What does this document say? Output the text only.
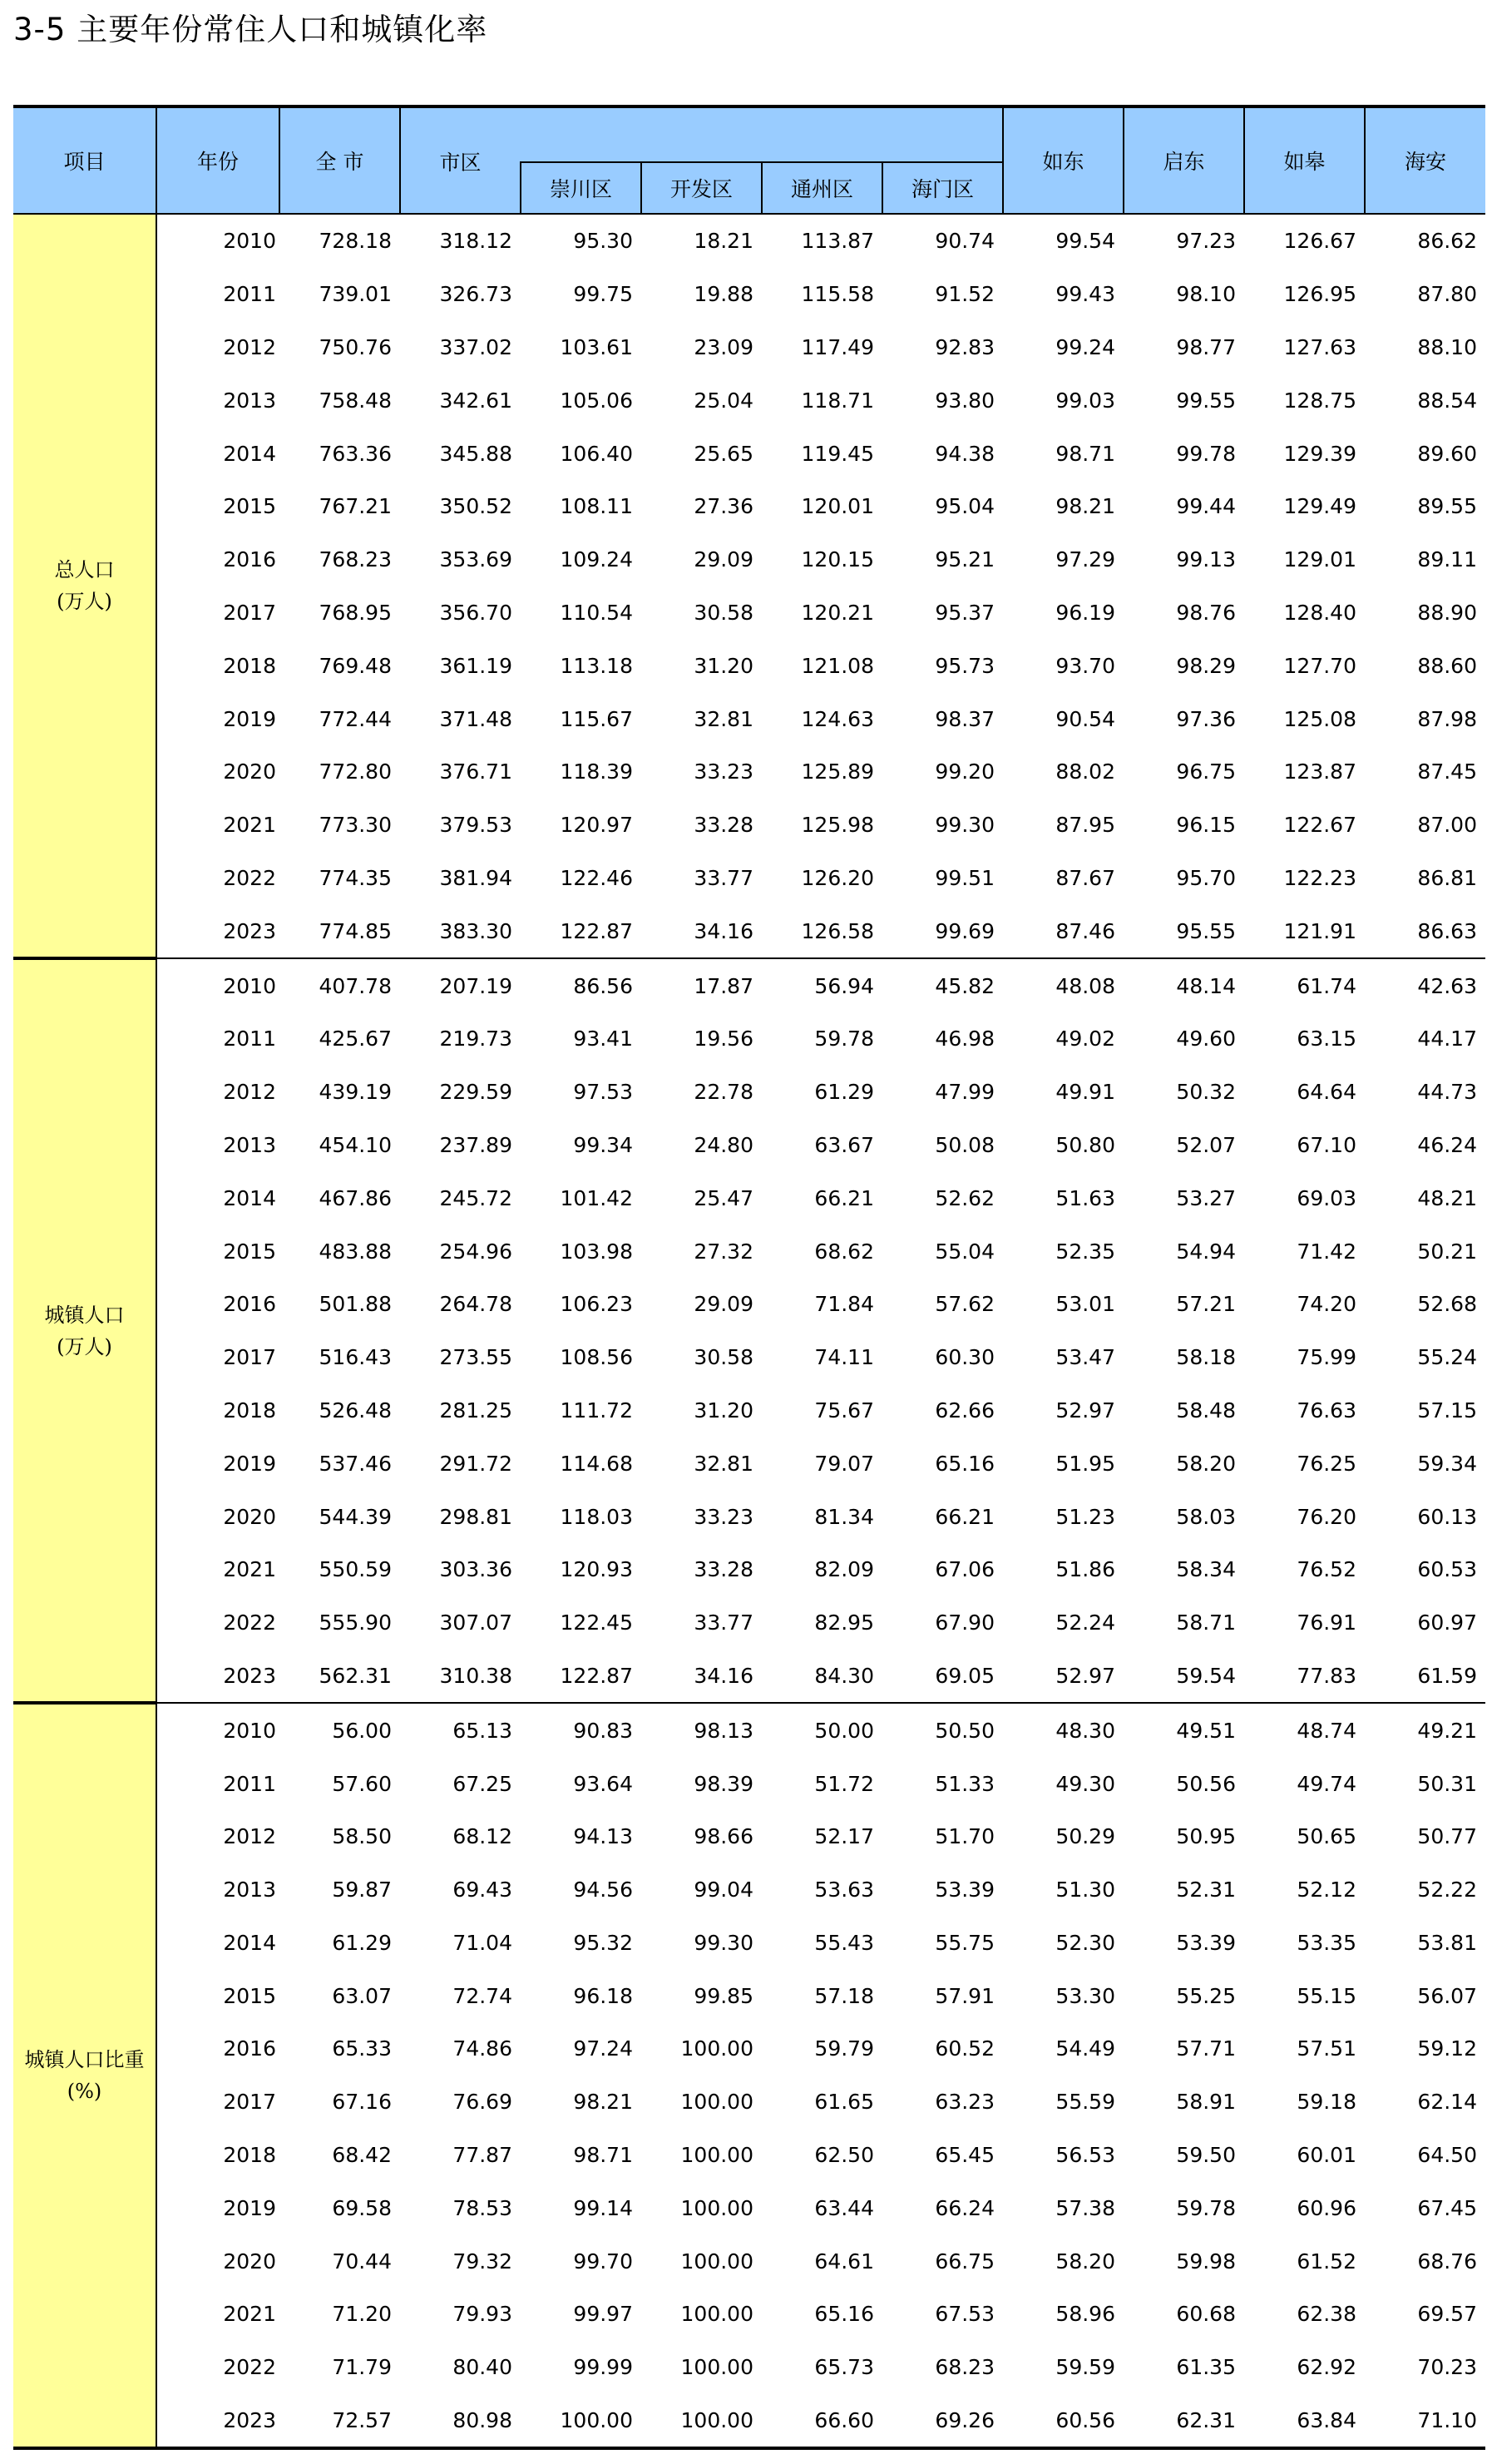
3-5 主要年份常住人口和城镇化率
项目	年份	全 市	市区					如东	启东	如皋	海安
				崇川区	开发区	通州区	海门区				

总人口
(万人)	2010	728.18	318.12	95.30	18.21	113.87	90.74	99.54	97.23	126.67	86.62
	2011	739.01	326.73	99.75	19.88	115.58	91.52	99.43	98.10	126.95	87.80
	2012	750.76	337.02	103.61	23.09	117.49	92.83	99.24	98.77	127.63	88.10
	2013	758.48	342.61	105.06	25.04	118.71	93.80	99.03	99.55	128.75	88.54
	2014	763.36	345.88	106.40	25.65	119.45	94.38	98.71	99.78	129.39	89.60
	2015	767.21	350.52	108.11	27.36	120.01	95.04	98.21	99.44	129.49	89.55
	2016	768.23	353.69	109.24	29.09	120.15	95.21	97.29	99.13	129.01	89.11
	2017	768.95	356.70	110.54	30.58	120.21	95.37	96.19	98.76	128.40	88.90
	2018	769.48	361.19	113.18	31.20	121.08	95.73	93.70	98.29	127.70	88.60
	2019	772.44	371.48	115.67	32.81	124.63	98.37	90.54	97.36	125.08	87.98
	2020	772.80	376.71	118.39	33.23	125.89	99.20	88.02	96.75	123.87	87.45
	2021	773.30	379.53	120.97	33.28	125.98	99.30	87.95	96.15	122.67	87.00
	2022	774.35	381.94	122.46	33.77	126.20	99.51	87.67	95.70	122.23	86.81
	2023	774.85	383.30	122.87	34.16	126.58	99.69	87.46	95.55	121.91	86.63

城镇人口
(万人)	2010	407.78	207.19	86.56	17.87	56.94	45.82	48.08	48.14	61.74	42.63
	2011	425.67	219.73	93.41	19.56	59.78	46.98	49.02	49.60	63.15	44.17
	2012	439.19	229.59	97.53	22.78	61.29	47.99	49.91	50.32	64.64	44.73
	2013	454.10	237.89	99.34	24.80	63.67	50.08	50.80	52.07	67.10	46.24
	2014	467.86	245.72	101.42	25.47	66.21	52.62	51.63	53.27	69.03	48.21
	2015	483.88	254.96	103.98	27.32	68.62	55.04	52.35	54.94	71.42	50.21
	2016	501.88	264.78	106.23	29.09	71.84	57.62	53.01	57.21	74.20	52.68
	2017	516.43	273.55	108.56	30.58	74.11	60.30	53.47	58.18	75.99	55.24
	2018	526.48	281.25	111.72	31.20	75.67	62.66	52.97	58.48	76.63	57.15
	2019	537.46	291.72	114.68	32.81	79.07	65.16	51.95	58.20	76.25	59.34
	2020	544.39	298.81	118.03	33.23	81.34	66.21	51.23	58.03	76.20	60.13
	2021	550.59	303.36	120.93	33.28	82.09	67.06	51.86	58.34	76.52	60.53
	2022	555.90	307.07	122.45	33.77	82.95	67.90	52.24	58.71	76.91	60.97
	2023	562.31	310.38	122.87	34.16	84.30	69.05	52.97	59.54	77.83	61.59

城镇人口比重
(%)	2010	56.00	65.13	90.83	98.13	50.00	50.50	48.30	49.51	48.74	49.21
	2011	57.60	67.25	93.64	98.39	51.72	51.33	49.30	50.56	49.74	50.31
	2012	58.50	68.12	94.13	98.66	52.17	51.70	50.29	50.95	50.65	50.77
	2013	59.87	69.43	94.56	99.04	53.63	53.39	51.30	52.31	52.12	52.22
	2014	61.29	71.04	95.32	99.30	55.43	55.75	52.30	53.39	53.35	53.81
	2015	63.07	72.74	96.18	99.85	57.18	57.91	53.30	55.25	55.15	56.07
	2016	65.33	74.86	97.24	100.00	59.79	60.52	54.49	57.71	57.51	59.12
	2017	67.16	76.69	98.21	100.00	61.65	63.23	55.59	58.91	59.18	62.14
	2018	68.42	77.87	98.71	100.00	62.50	65.45	56.53	59.50	60.01	64.50
	2019	69.58	78.53	99.14	100.00	63.44	66.24	57.38	59.78	60.96	67.45
	2020	70.44	79.32	99.70	100.00	64.61	66.75	58.20	59.98	61.52	68.76
	2021	71.20	79.93	99.97	100.00	65.16	67.53	58.96	60.68	62.38	69.57
	2022	71.79	80.40	99.99	100.00	65.73	68.23	59.59	61.35	62.92	70.23
	2023	72.57	80.98	100.00	100.00	66.60	69.26	60.56	62.31	63.84	71.10
